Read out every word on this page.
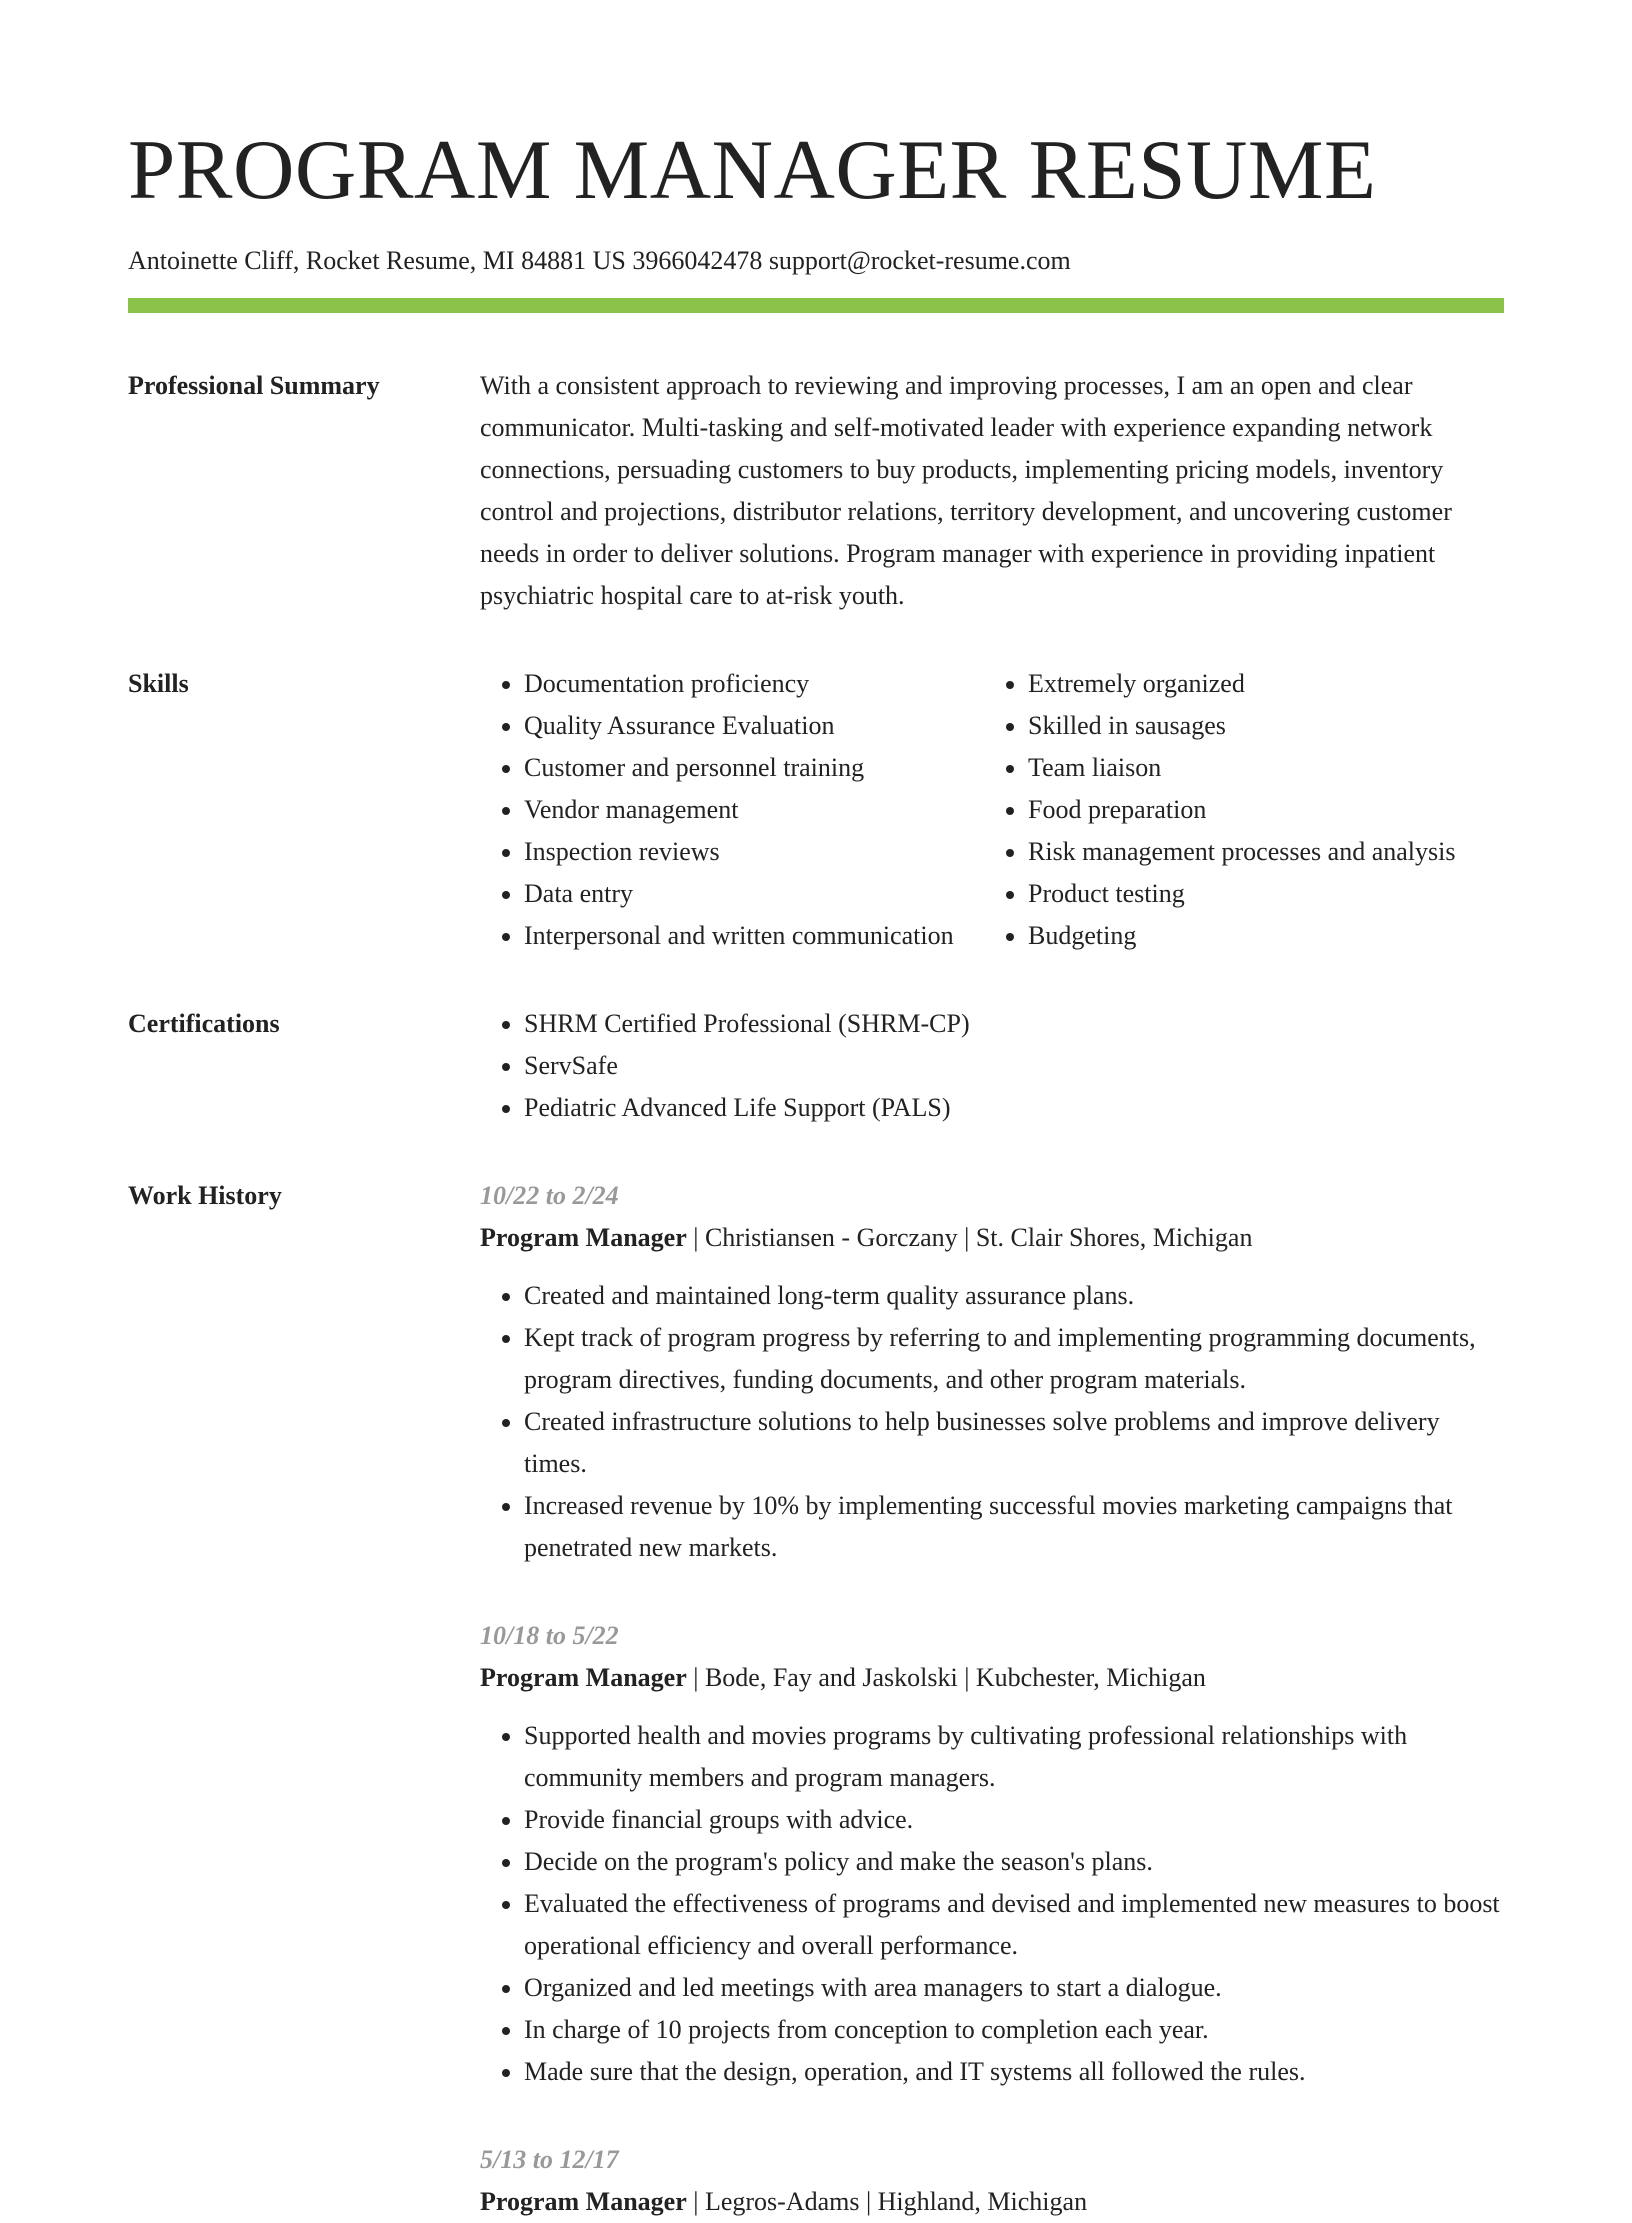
PROGRAM MANAGER RESUME
Antoinette Cliff, Rocket Resume, MI 84881 US 3966042478 support@rocket-resume.com
Professional Summary	With a consistent approach to reviewing and improving processes, I am an open and clear communicator. Multi-tasking and self-motivated leader with experience expanding network connections, persuading customers to buy products, implementing pricing models, inventory control and projections, distributor relations, territory development, and uncovering customer needs in order to deliver solutions. Program manager with experience in providing inpatient psychiatric hospital care to at-risk youth.

Skills	• Documentation proficiency
• Quality Assurance Evaluation
• Customer and personnel training
• Vendor management
• Inspection reviews
• Data entry
• Interpersonal and written communication
• Extremely organized
• Skilled in sausages
• Team liaison
• Food preparation
• Risk management processes and analysis
• Product testing
• Budgeting
Certifications	• SHRM Certified Professional (SHRM-CP)
• ServSafe
• Pediatric Advanced Life Support (PALS)
Work History	10/22 to 2/24
Program Manager | Christiansen - Gorczany | St. Clair Shores, Michigan
• Created and maintained long-term quality assurance plans.
• Kept track of program progress by referring to and implementing programming documents, program directives, funding documents, and other program materials.
• Created infrastructure solutions to help businesses solve problems and improve delivery times.
• Increased revenue by 10% by implementing successful movies marketing campaigns that penetrated new markets.
10/18 to 5/22
Program Manager | Bode, Fay and Jaskolski | Kubchester, Michigan
• Supported health and movies programs by cultivating professional relationships with community members and program managers.
• Provide financial groups with advice.
• Decide on the program's policy and make the season's plans.
• Evaluated the effectiveness of programs and devised and implemented new measures to boost operational efficiency and overall performance.
• Organized and led meetings with area managers to start a dialogue.
• In charge of 10 projects from conception to completion each year.
• Made sure that the design, operation, and IT systems all followed the rules.
5/13 to 12/17
Program Manager | Legros-Adams | Highland, Michigan
